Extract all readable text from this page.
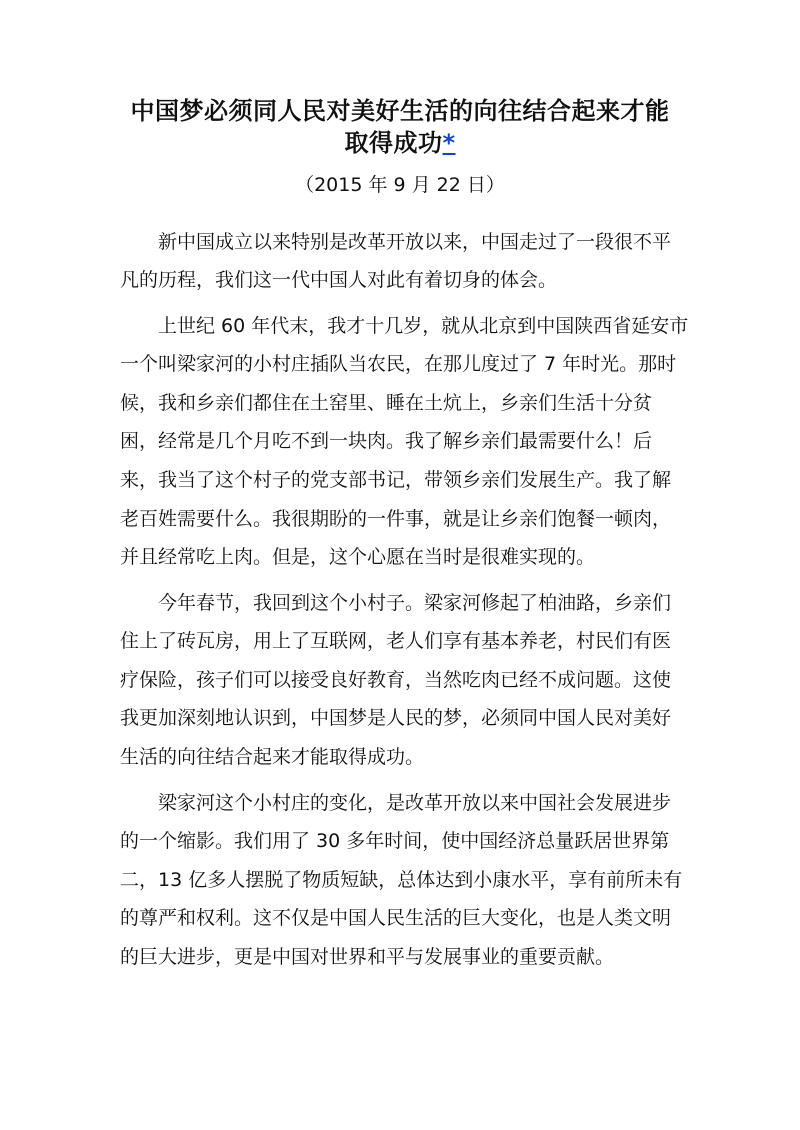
中国梦必须同人民对美好生活的向往结合起来才能
取得成功*

（2015 年 9 月 22 日）

新中国成立以来特别是改革开放以来，中国走过了一段很不平

凡的历程，我们这一代中国人对此有着切身的体会。

上世纪 60 年代末，我才十几岁，就从北京到中国陕西省延安市

一个叫梁家河的小村庄插队当农民，在那儿度过了 7 年时光。那时

候，我和乡亲们都住在土窑里、睡在土炕上，乡亲们生活十分贫

困，经常是几个月吃不到一块肉。我了解乡亲们最需要什么！后

来，我当了这个村子的党支部书记，带领乡亲们发展生产。我了解

老百姓需要什么。我很期盼的一件事，就是让乡亲们饱餐一顿肉，

并且经常吃上肉。但是，这个心愿在当时是很难实现的。

今年春节，我回到这个小村子。梁家河修起了柏油路，乡亲们

住上了砖瓦房，用上了互联网，老人们享有基本养老，村民们有医

疗保险，孩子们可以接受良好教育，当然吃肉已经不成问题。这使

我更加深刻地认识到，中国梦是人民的梦，必须同中国人民对美好

生活的向往结合起来才能取得成功。

梁家河这个小村庄的变化，是改革开放以来中国社会发展进步

的一个缩影。我们用了 30 多年时间，使中国经济总量跃居世界第

二，13 亿多人摆脱了物质短缺，总体达到小康水平，享有前所未有

的尊严和权利。这不仅是中国人民生活的巨大变化，也是人类文明

的巨大进步，更是中国对世界和平与发展事业的重要贡献。
